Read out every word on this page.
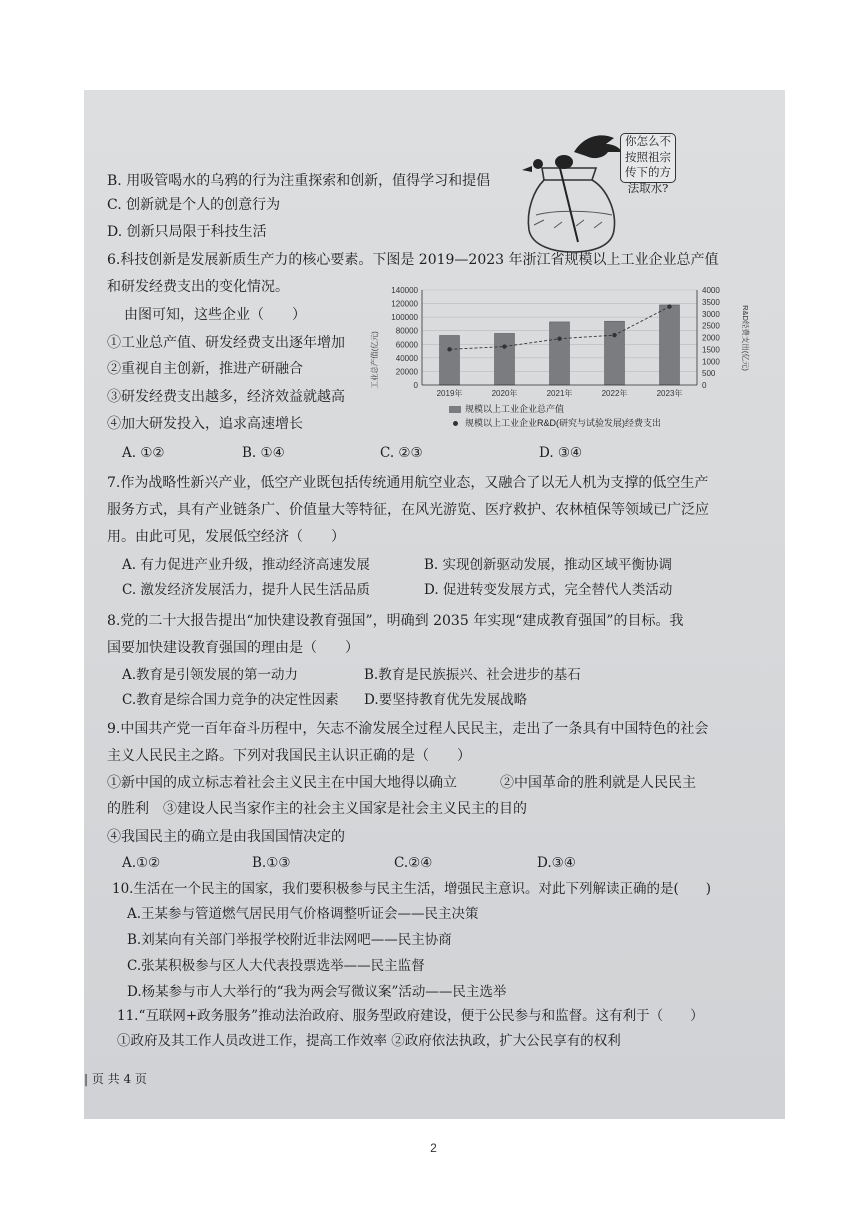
你怎么不
按照祖宗
传下的方
法取水?
B. 用吸管喝水的乌鸦的行为注重探索和创新，值得学习和提倡
C. 创新就是个人的创意行为
D. 创新只局限于科技生活
6.科技创新是发展新质生产力的核心要素。下图是 2019—2023 年浙江省规模以上工业企业总产值
和研发经费支出的变化情况。
由图可知，这些企业（　　）
①工业总产值、研发经费支出逐年增加
②重视自主创新，推进产研融合
③研发经费支出越多，经济效益就越高
④加大研发投入，追求高速增长
A. ①②	B. ①④	C. ②③	D. ③④
0
20000
40000
60000
80000
100000
120000
140000
0
500
1000
1500
2000
2500
3000
3500
4000
2019年	2020年	2021年	2022年	2023年
工业总产值(亿元)	R&D经费支出(亿元)
规模以上工业企业总产值
规模以上工业企业R&D(研究与试验发展)经费支出
7.作为战略性新兴产业，低空产业既包括传统通用航空业态，又融合了以无人机为支撑的低空生产
服务方式，具有产业链条广、价值量大等特征，在风光游览、医疗救护、农林植保等领域已广泛应
用。由此可见，发展低空经济（　　）
A. 有力促进产业升级，推动经济高速发展	B. 实现创新驱动发展，推动区域平衡协调
C. 激发经济发展活力，提升人民生活品质	D. 促进转变发展方式，完全替代人类活动
8.党的二十大报告提出“加快建设教育强国”，明确到 2035 年实现“建成教育强国”的目标。我
国要加快建设教育强国的理由是（　　）
A.教育是引领发展的第一动力	B.教育是民族振兴、社会进步的基石
C.教育是综合国力竞争的决定性因素 D.要坚持教育优先发展战略
9.中国共产党一百年奋斗历程中，矢志不渝发展全过程人民民主，走出了一条具有中国特色的社会
主义人民民主之路。下列对我国民主认识正确的是（　　）
①新中国的成立标志着社会主义民主在中国大地得以确立	②中国革命的胜利就是人民民主
的胜利　③建设人民当家作主的社会主义国家是社会主义民主的目的
④我国民主的确立是由我国国情决定的
A.①②	B.①③	C.②④	D.③④
10.生活在一个民主的国家，我们要积极参与民主生活，增强民主意识。对此下列解读正确的是(　　)
A.王某参与管道燃气居民用气价格调整听证会——民主决策
B.刘某向有关部门举报学校附近非法网吧——民主协商
C.张某积极参与区人大代表投票选举——民主监督
D.杨某参与市人大举行的“我为两会写微议案”活动——民主选举
11.“互联网+政务服务”推动法治政府、服务型政府建设，便于公民参与和监督。这有利于（　　）
①政府及其工作人员改进工作，提高工作效率 ②政府依法执政，扩大公民享有的权利
| 页 共 4 页
2
